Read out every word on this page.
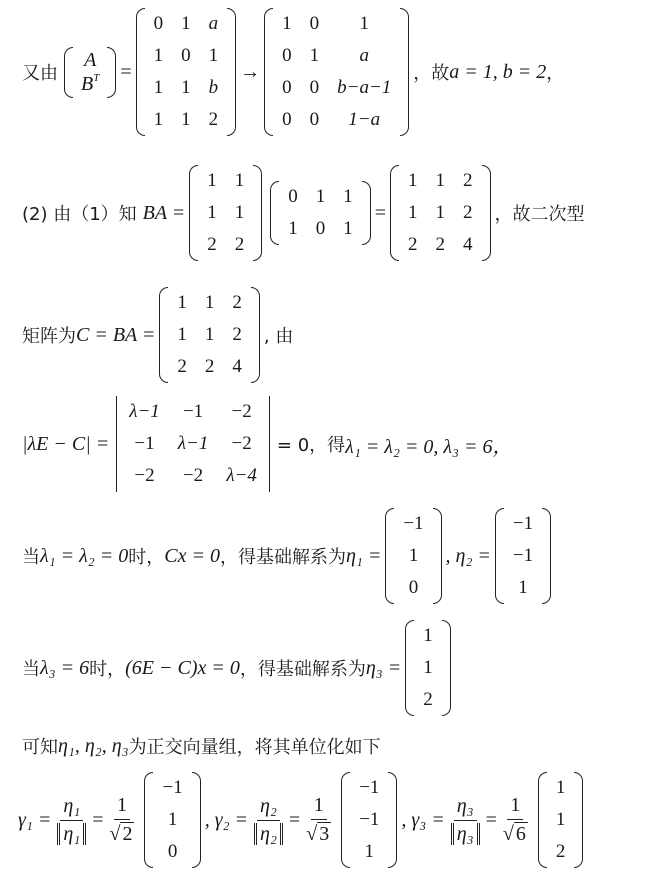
又由
A
$B^T$ =
0	1	a
1	0	1
1	1	b
1	1	2
→
1	0	1
0	1	a
0	0	b−a−1
0	0	1−a
，故 a = 1, b = 2 ，
(2) 由（1）知 BA =
1	1
1	1
2	2
0	1	1
1	0	1
=
1	1	2
1	1	2
2	2	4
，故二次型
矩阵为 C = BA =
1	1	2
1	1	2
2	2	4
, 由
|λE − C| =
λ−1	−1	−2
−1	λ−1	−2
−2	−2	λ−4
= 0，得 λ₁ = λ₂ = 0, λ₃ = 6，
当 λ₁ = λ₂ = 0 时， Cx = 0 ，得基础解系为 η₁ =
−1
1
0
, η₂ =
−1
−1
1
当 λ₃ = 6 时， (6E − C)x = 0 ，得基础解系为 η₃ =
1
1
2
可知 η₁, η₂, η₃ 为正交向量组，将其单位化如下
$\gamma_1 = \frac{\text{η₁}}{\text{η₁}} = \frac{1}{√ 2}$
−1
1
0
, $\gamma_2 = \frac{\text{η₂}}{\text{η₂}} = \frac{1}{√ 3}$
−1
−1
1
, $\gamma_3 = \frac{\text{η₃}}{\text{η₃}} = \frac{1}{√ 6}$
1
1
2
